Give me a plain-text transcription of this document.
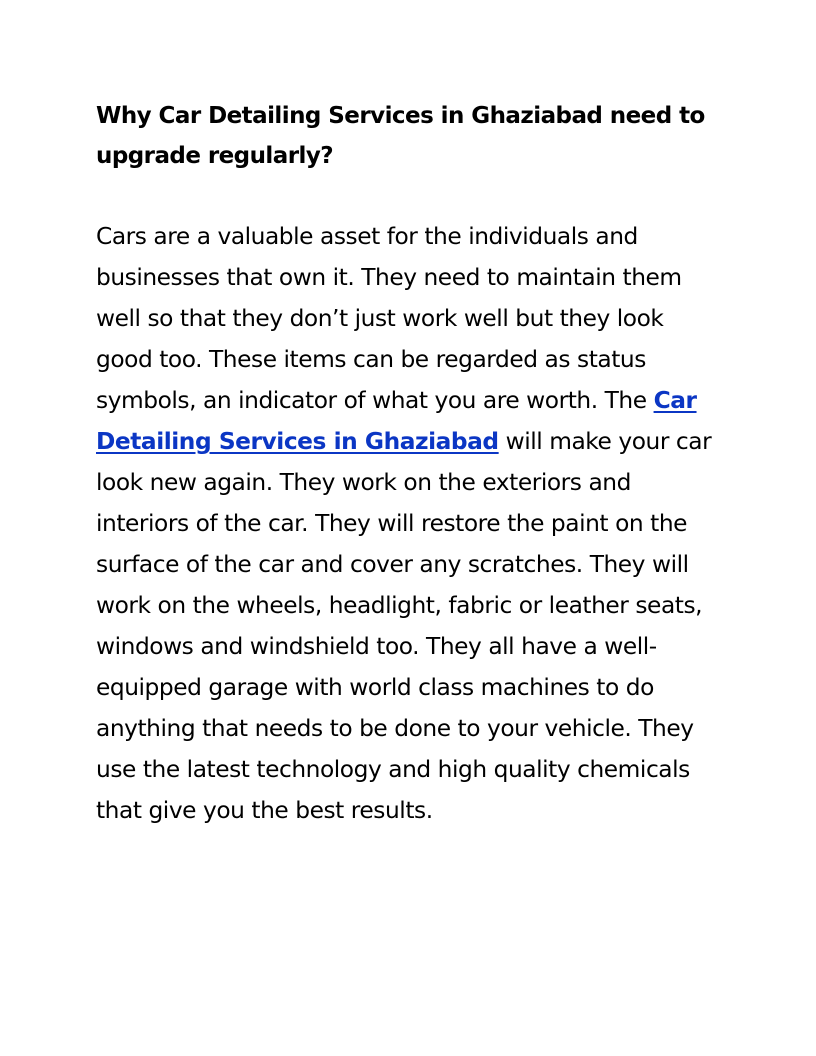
Why Car Detailing Services in Ghaziabad need to upgrade regularly?

Cars are a valuable asset for the individuals and businesses that own it. They need to maintain them well so that they don’t just work well but they look good too. These items can be regarded as status symbols, an indicator of what you are worth. The Car Detailing Services in Ghaziabad will make your car look new again. They work on the exteriors and interiors of the car. They will restore the paint on the surface of the car and cover any scratches. They will work on the wheels, headlight, fabric or leather seats, windows and windshield too. They all have a well-equipped garage with world class machines to do anything that needs to be done to your vehicle. They use the latest technology and high quality chemicals that give you the best results.
